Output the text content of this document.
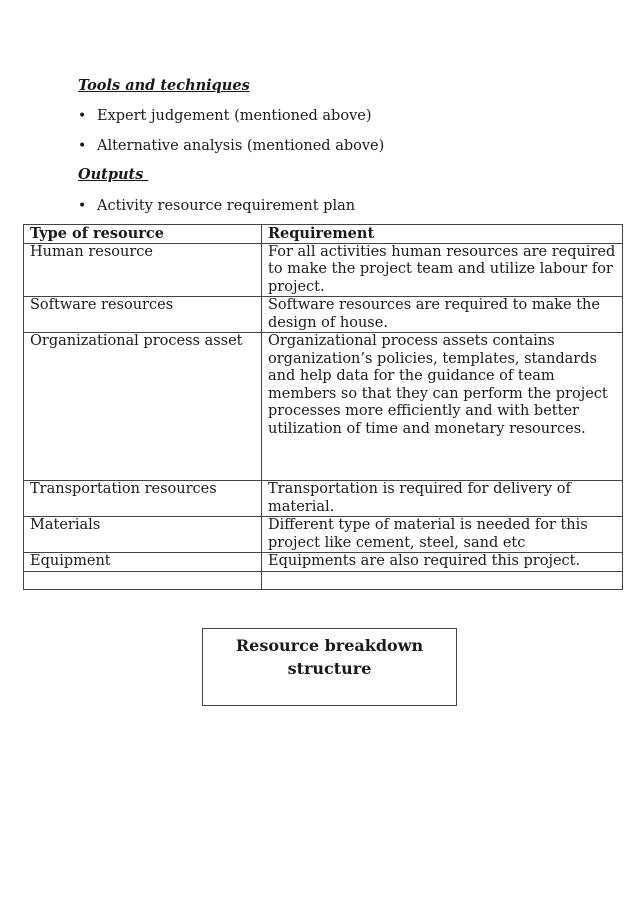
Tools and techniques
• Expert judgement (mentioned above)
• Alternative analysis (mentioned above)
Outputs
• Activity resource requirement plan
Type of resource	Requirement
Human resource	For all activities human resources are required to make the project team and utilize labour for project.
Software resources	Software resources are required to make the design of house.
Organizational process asset	Organizational process assets contains organization’s policies, templates, standards and help data for the guidance of team members so that they can perform the project processes more efficiently and with better utilization of time and monetary resources.
Transportation resources	Transportation is required for delivery of material.
Materials	Different type of material is needed for this project like cement, steel, sand etc
Equipment	Equipments are also required this project.

Resource breakdown
structure
